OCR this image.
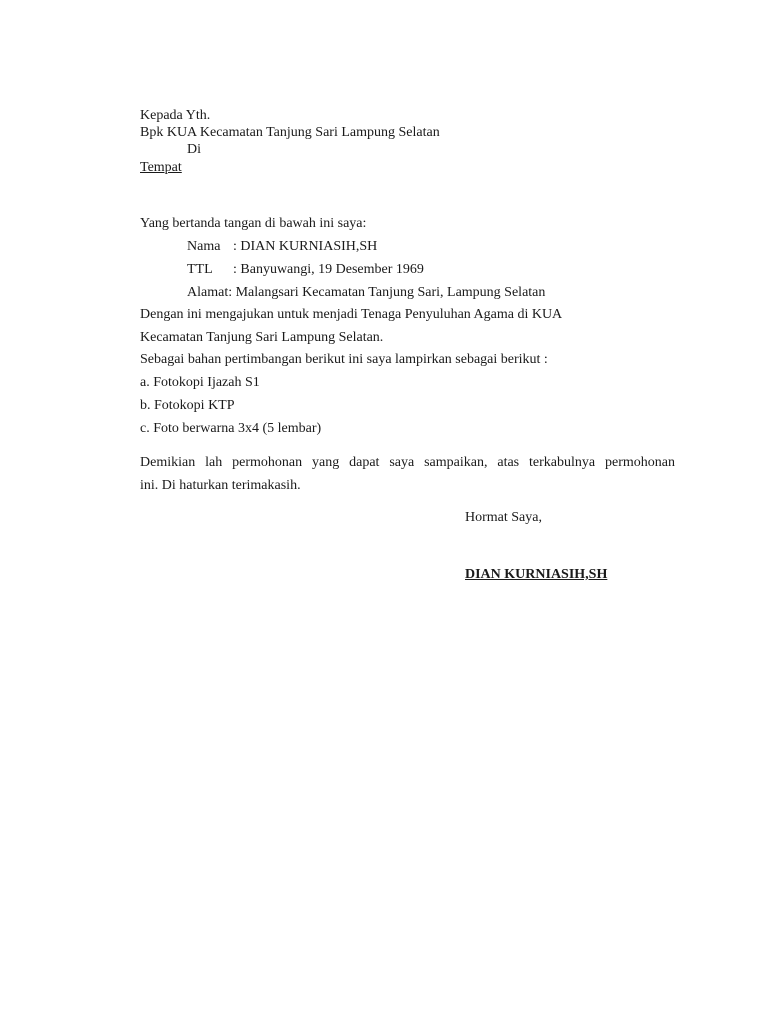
Kepada Yth.
Bpk KUA Kecamatan Tanjung Sari Lampung Selatan
Di
Tempat
Yang bertanda tangan di bawah ini saya:
Nama : DIAN KURNIASIH,SH
TTL : Banyuwangi, 19 Desember 1969
Alamat: Malangsari Kecamatan Tanjung Sari, Lampung Selatan
Dengan ini mengajukan untuk menjadi Tenaga Penyuluhan Agama di KUA
Kecamatan Tanjung Sari Lampung Selatan.
Sebagai bahan pertimbangan berikut ini saya lampirkan sebagai berikut :
a. Fotokopi Ijazah S1
b. Fotokopi KTP
c. Foto berwarna 3x4 (5 lembar)
Demikian lah permohonan yang dapat saya sampaikan, atas terkabulnya permohonan
ini. Di haturkan terimakasih.
Hormat Saya,
DIAN KURNIASIH,SH
